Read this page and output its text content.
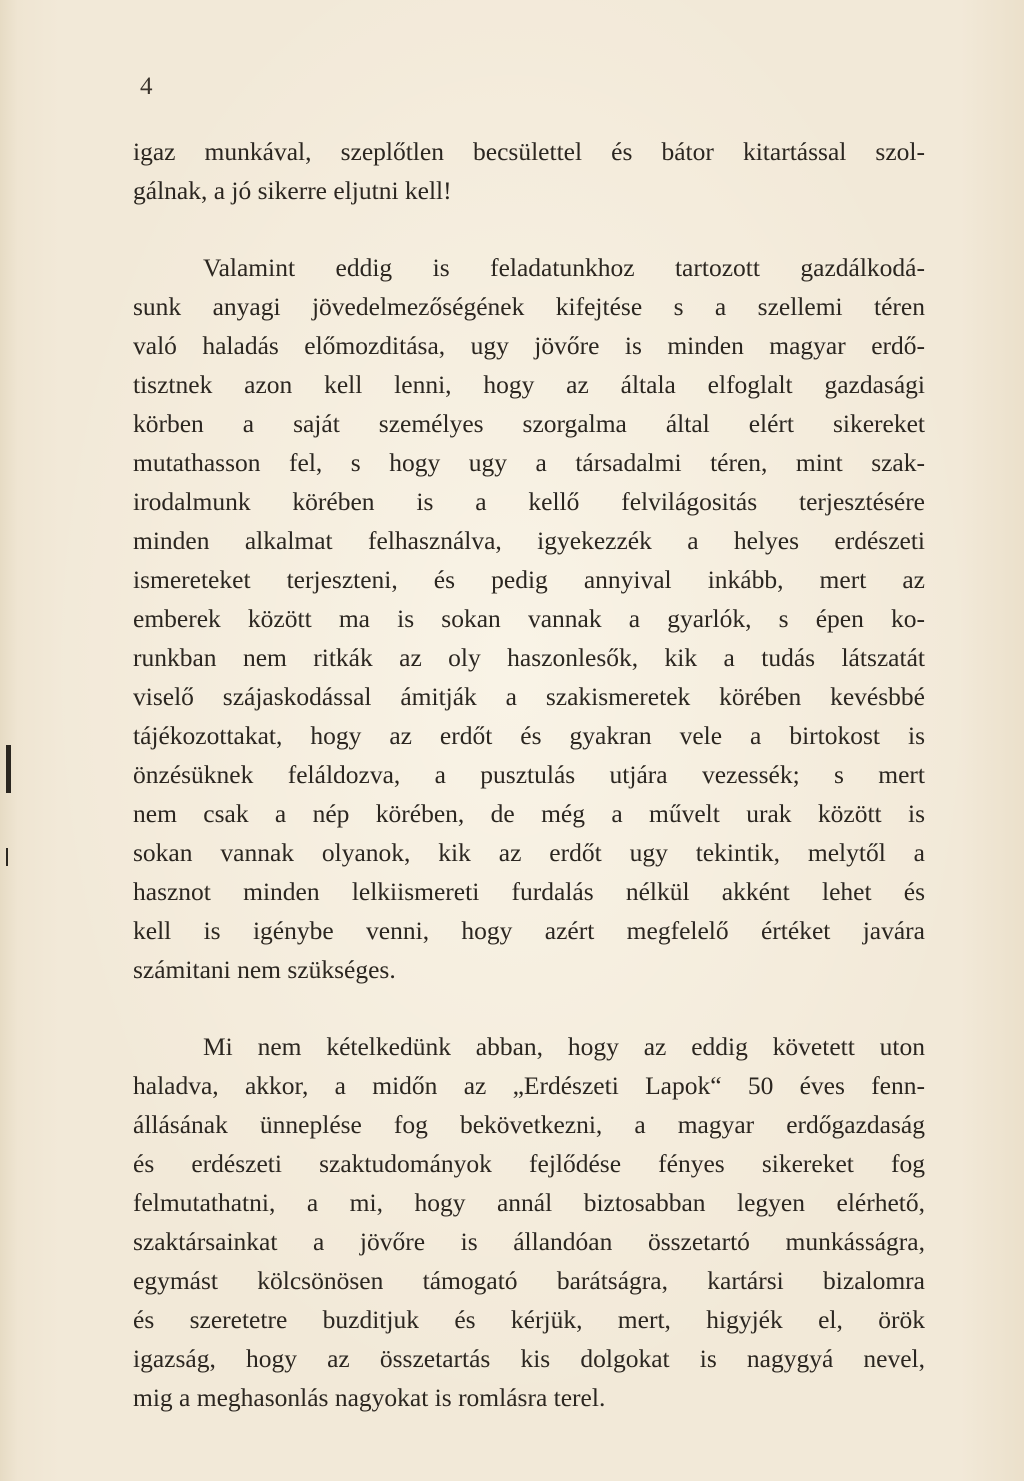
4
igaz munkával, szeplőtlen becsülettel és bátor kitartással szol-
gálnak, a jó sikerre eljutni kell!
Valamint eddig is feladatunkhoz tartozott gazdálkodá-
sunk anyagi jövedelmezőségének kifejtése s a szellemi téren
való haladás előmozditása, ugy jövőre is minden magyar erdő-
tisztnek azon kell lenni, hogy az általa elfoglalt gazdasági
körben a saját személyes szorgalma által elért sikereket
mutathasson fel, s hogy ugy a társadalmi téren, mint szak-
irodalmunk körében is a kellő felvilágositás terjesztésére
minden alkalmat felhasználva, igyekezzék a helyes erdészeti
ismereteket terjeszteni, és pedig annyival inkább, mert az
emberek között ma is sokan vannak a gyarlók, s épen ko-
runkban nem ritkák az oly haszonlesők, kik a tudás látszatát
viselő szájaskodással ámitják a szakismeretek körében kevésbbé
tájékozottakat, hogy az erdőt és gyakran vele a birtokost is
önzésüknek feláldozva, a pusztulás utjára vezessék; s mert
nem csak a nép körében, de még a művelt urak között is
sokan vannak olyanok, kik az erdőt ugy tekintik, melytől a
hasznot minden lelkiismereti furdalás nélkül akként lehet és
kell is igénybe venni, hogy azért megfelelő értéket javára
számitani nem szükséges.
Mi nem kételkedünk abban, hogy az eddig követett uton
haladva, akkor, a midőn az „Erdészeti Lapok“ 50 éves fenn-
állásának ünneplése fog bekövetkezni, a magyar erdőgazdaság
és erdészeti szaktudományok fejlődése fényes sikereket fog
felmutathatni, a mi, hogy annál biztosabban legyen elérhető,
szaktársainkat a jövőre is állandóan összetartó munkásságra,
egymást kölcsönösen támogató barátságra, kartársi bizalomra
és szeretetre buzditjuk és kérjük, mert, higyjék el, örök
igazság, hogy az összetartás kis dolgokat is nagygyá nevel,
mig a meghasonlás nagyokat is romlásra terel.
